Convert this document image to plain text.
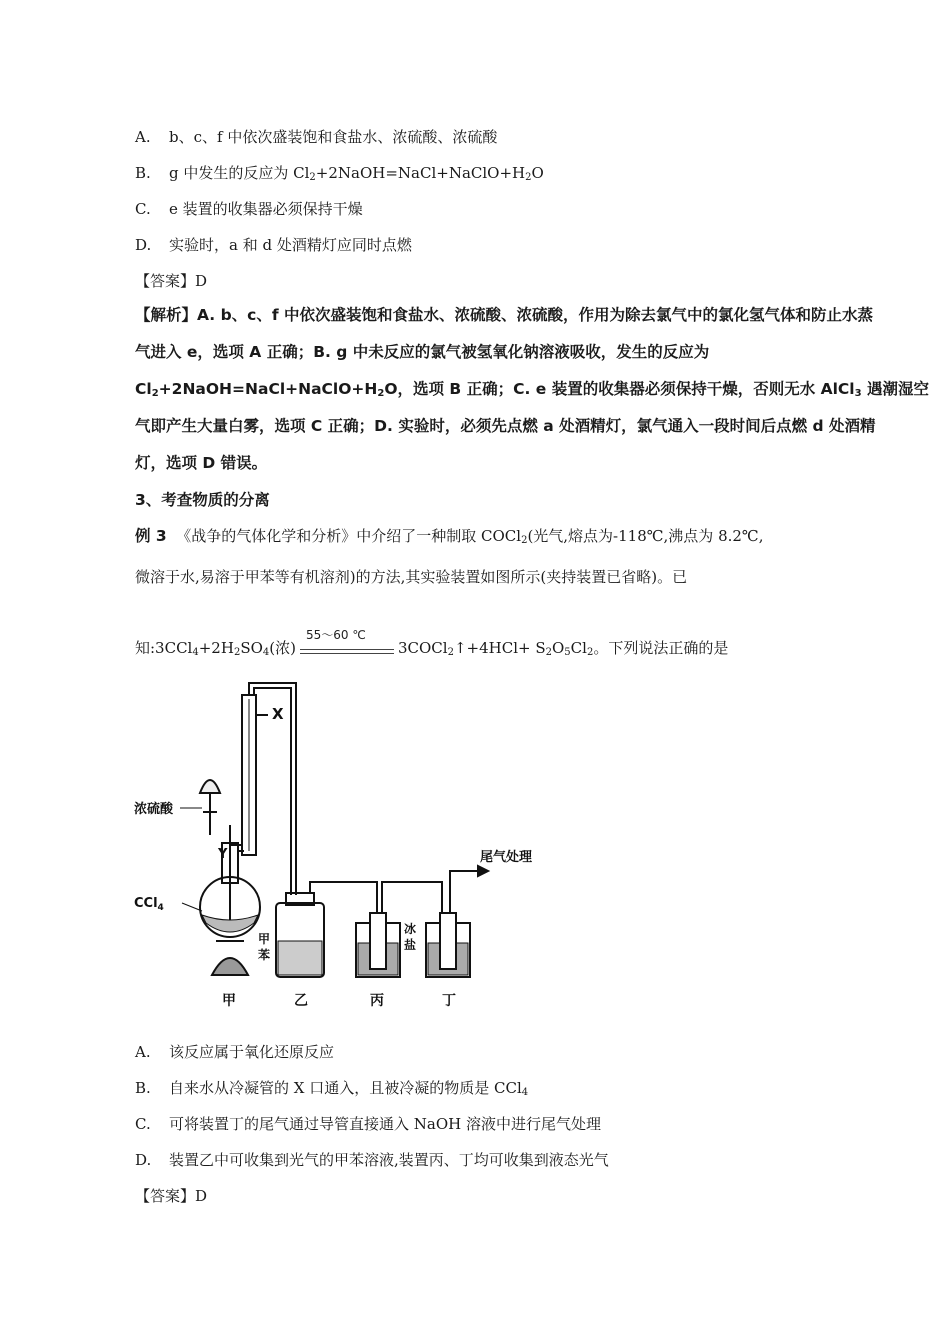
A. b、c、f 中依次盛装饱和食盐水、浓硫酸、浓硫酸
B. g 中发生的反应为 $Cl_2+2NaOH=NaCl+NaClO+H_2O$
C. e 装置的收集器必须保持干燥
D. 实验时，a 和 d 处酒精灯应同时点燃
【答案】D
【解析】A. b、c、f 中依次盛装饱和食盐水、浓硫酸、浓硫酸，作用为除去氯气中的氯化氢气体和防止水蒸
气进入 e，选项 A 正确；B. g 中未反应的氯气被氢氧化钠溶液吸收，发生的反应为
$Cl_2+2NaOH=NaCl+NaClO+H_2O$，选项 B 正确；C. e 装置的收集器必须保持干燥，否则无水 AlCl$_3$ 遇潮湿空
气即产生大量白雾，选项 C 正确；D. 实验时，必须先点燃 a 处酒精灯，氯气通入一段时间后点燃 d 处酒精
灯，选项 D 错误。
3、考查物质的分离
例 3 《战争的气体化学和分析》中介绍了一种制取 COCl$_2$(光气,熔点为-118℃,沸点为 8.2℃,
微溶于水,易溶于甲苯等有机溶剂)的方法,其实验装置如图所示(夹持装置已省略)。已
知$:3CCl_4+2H_2SO_4$(浓)
55～60 ℃
3COCl$_2$↑+4HCl+ $S_2O_5Cl_2$。下列说法正确的是
X
Y
浓硫酸
CCl$_4$
甲
苯
冰
盐
尾气处理
甲	乙	丙	丁
A. 该反应属于氧化还原反应
B. 自来水从冷凝管的 X 口通入，且被冷凝的物质是 CCl$_4$
C. 可将装置丁的尾气通过导管直接通入 NaOH 溶液中进行尾气处理
D. 装置乙中可收集到光气的甲苯溶液,装置丙、丁均可收集到液态光气
【答案】D
